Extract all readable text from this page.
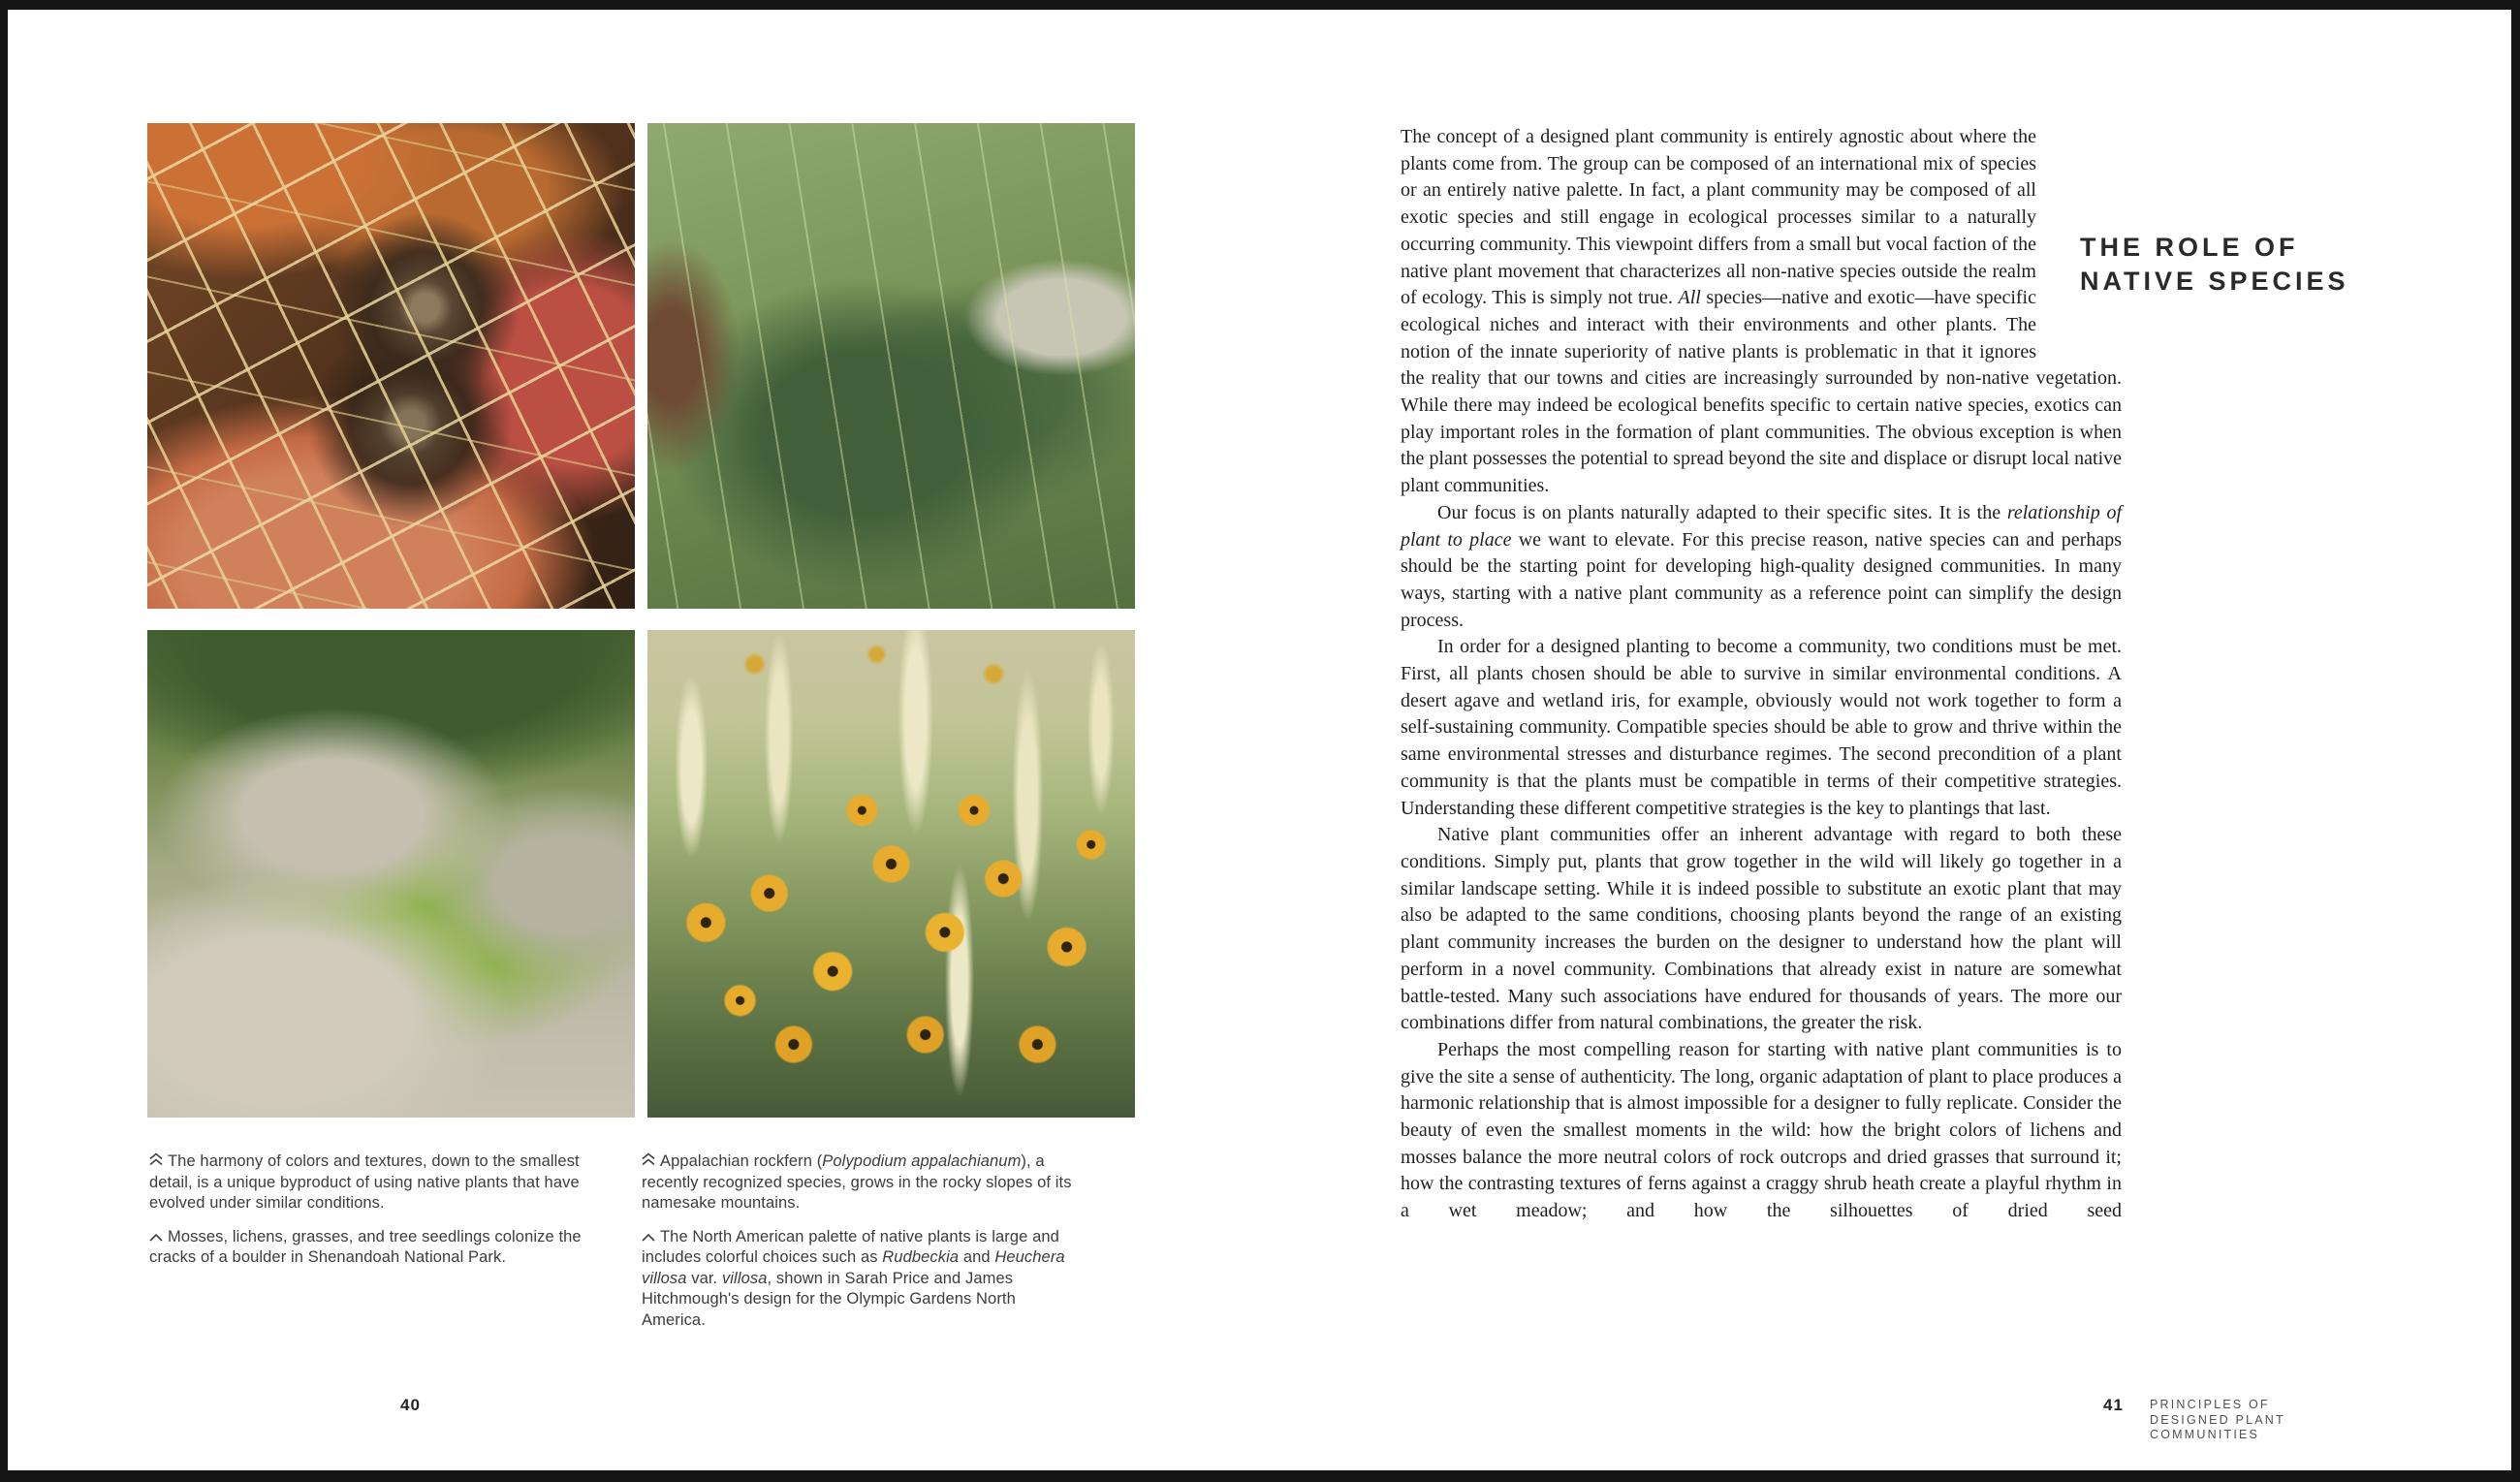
The harmony of colors and textures, down to the smallest detail, is a unique byproduct of using native plants that have evolved under similar conditions.

Mosses, lichens, grasses, and tree seedlings colonize the cracks of a boulder in Shenandoah National Park.

Appalachian rockfern (Polypodium appalachianum), a recently recognized species, grows in the rocky slopes of its namesake mountains.

The North American palette of native plants is large and includes colorful choices such as Rudbeckia and Heuchera villosa var. villosa, shown in Sarah Price and James Hitchmough's design for the Olympic Gardens North America.

40

The concept of a designed plant community is entirely agnostic about where the plants come from. The group can be composed of an international mix of species or an entirely native palette. In fact, a plant community may be composed of all exotic species and still engage in ecological processes similar to a naturally occurring community. This viewpoint differs from a small but vocal faction of the native plant movement that characterizes all non-native species outside the realm of ecology. This is simply not true. All species—native and exotic—have specific ecological niches and interact with their environments and other plants. The notion of the innate superiority of native plants is problematic in that it ignores the reality that our towns and cities are increasingly surrounded by non-native vegetation. While there may indeed be ecological benefits specific to certain native species, exotics can play important roles in the formation of plant communities. The obvious exception is when the plant possesses the potential to spread beyond the site and displace or disrupt local native plant communities.

Our focus is on plants naturally adapted to their specific sites. It is the relationship of plant to place we want to elevate. For this precise reason, native species can and perhaps should be the starting point for developing high-quality designed communities. In many ways, starting with a native plant community as a reference point can simplify the design process.

In order for a designed planting to become a community, two conditions must be met. First, all plants chosen should be able to survive in similar environmental conditions. A desert agave and wetland iris, for example, obviously would not work together to form a self-sustaining community. Compatible species should be able to grow and thrive within the same environmental stresses and disturbance regimes. The second precondition of a plant community is that the plants must be compatible in terms of their competitive strategies. Understanding these different competitive strategies is the key to plantings that last.

Native plant communities offer an inherent advantage with regard to both these conditions. Simply put, plants that grow together in the wild will likely go together in a similar landscape setting. While it is indeed possible to substitute an exotic plant that may also be adapted to the same conditions, choosing plants beyond the range of an existing plant community increases the burden on the designer to understand how the plant will perform in a novel community. Combinations that already exist in nature are somewhat battle-tested. Many such associations have endured for thousands of years. The more our combinations differ from natural combinations, the greater the risk.

Perhaps the most compelling reason for starting with native plant communities is to give the site a sense of authenticity. The long, organic adaptation of plant to place produces a harmonic relationship that is almost impossible for a designer to fully replicate. Consider the beauty of even the smallest moments in the wild: how the bright colors of lichens and mosses balance the more neutral colors of rock outcrops and dried grasses that surround it; how the contrasting textures of ferns against a craggy shrub heath create a playful rhythm in a wet meadow; and how the silhouettes of dried seed

THE ROLE OF
NATIVE SPECIES
41 PRINCIPLES OF
DESIGNED PLANT
COMMUNITIES
